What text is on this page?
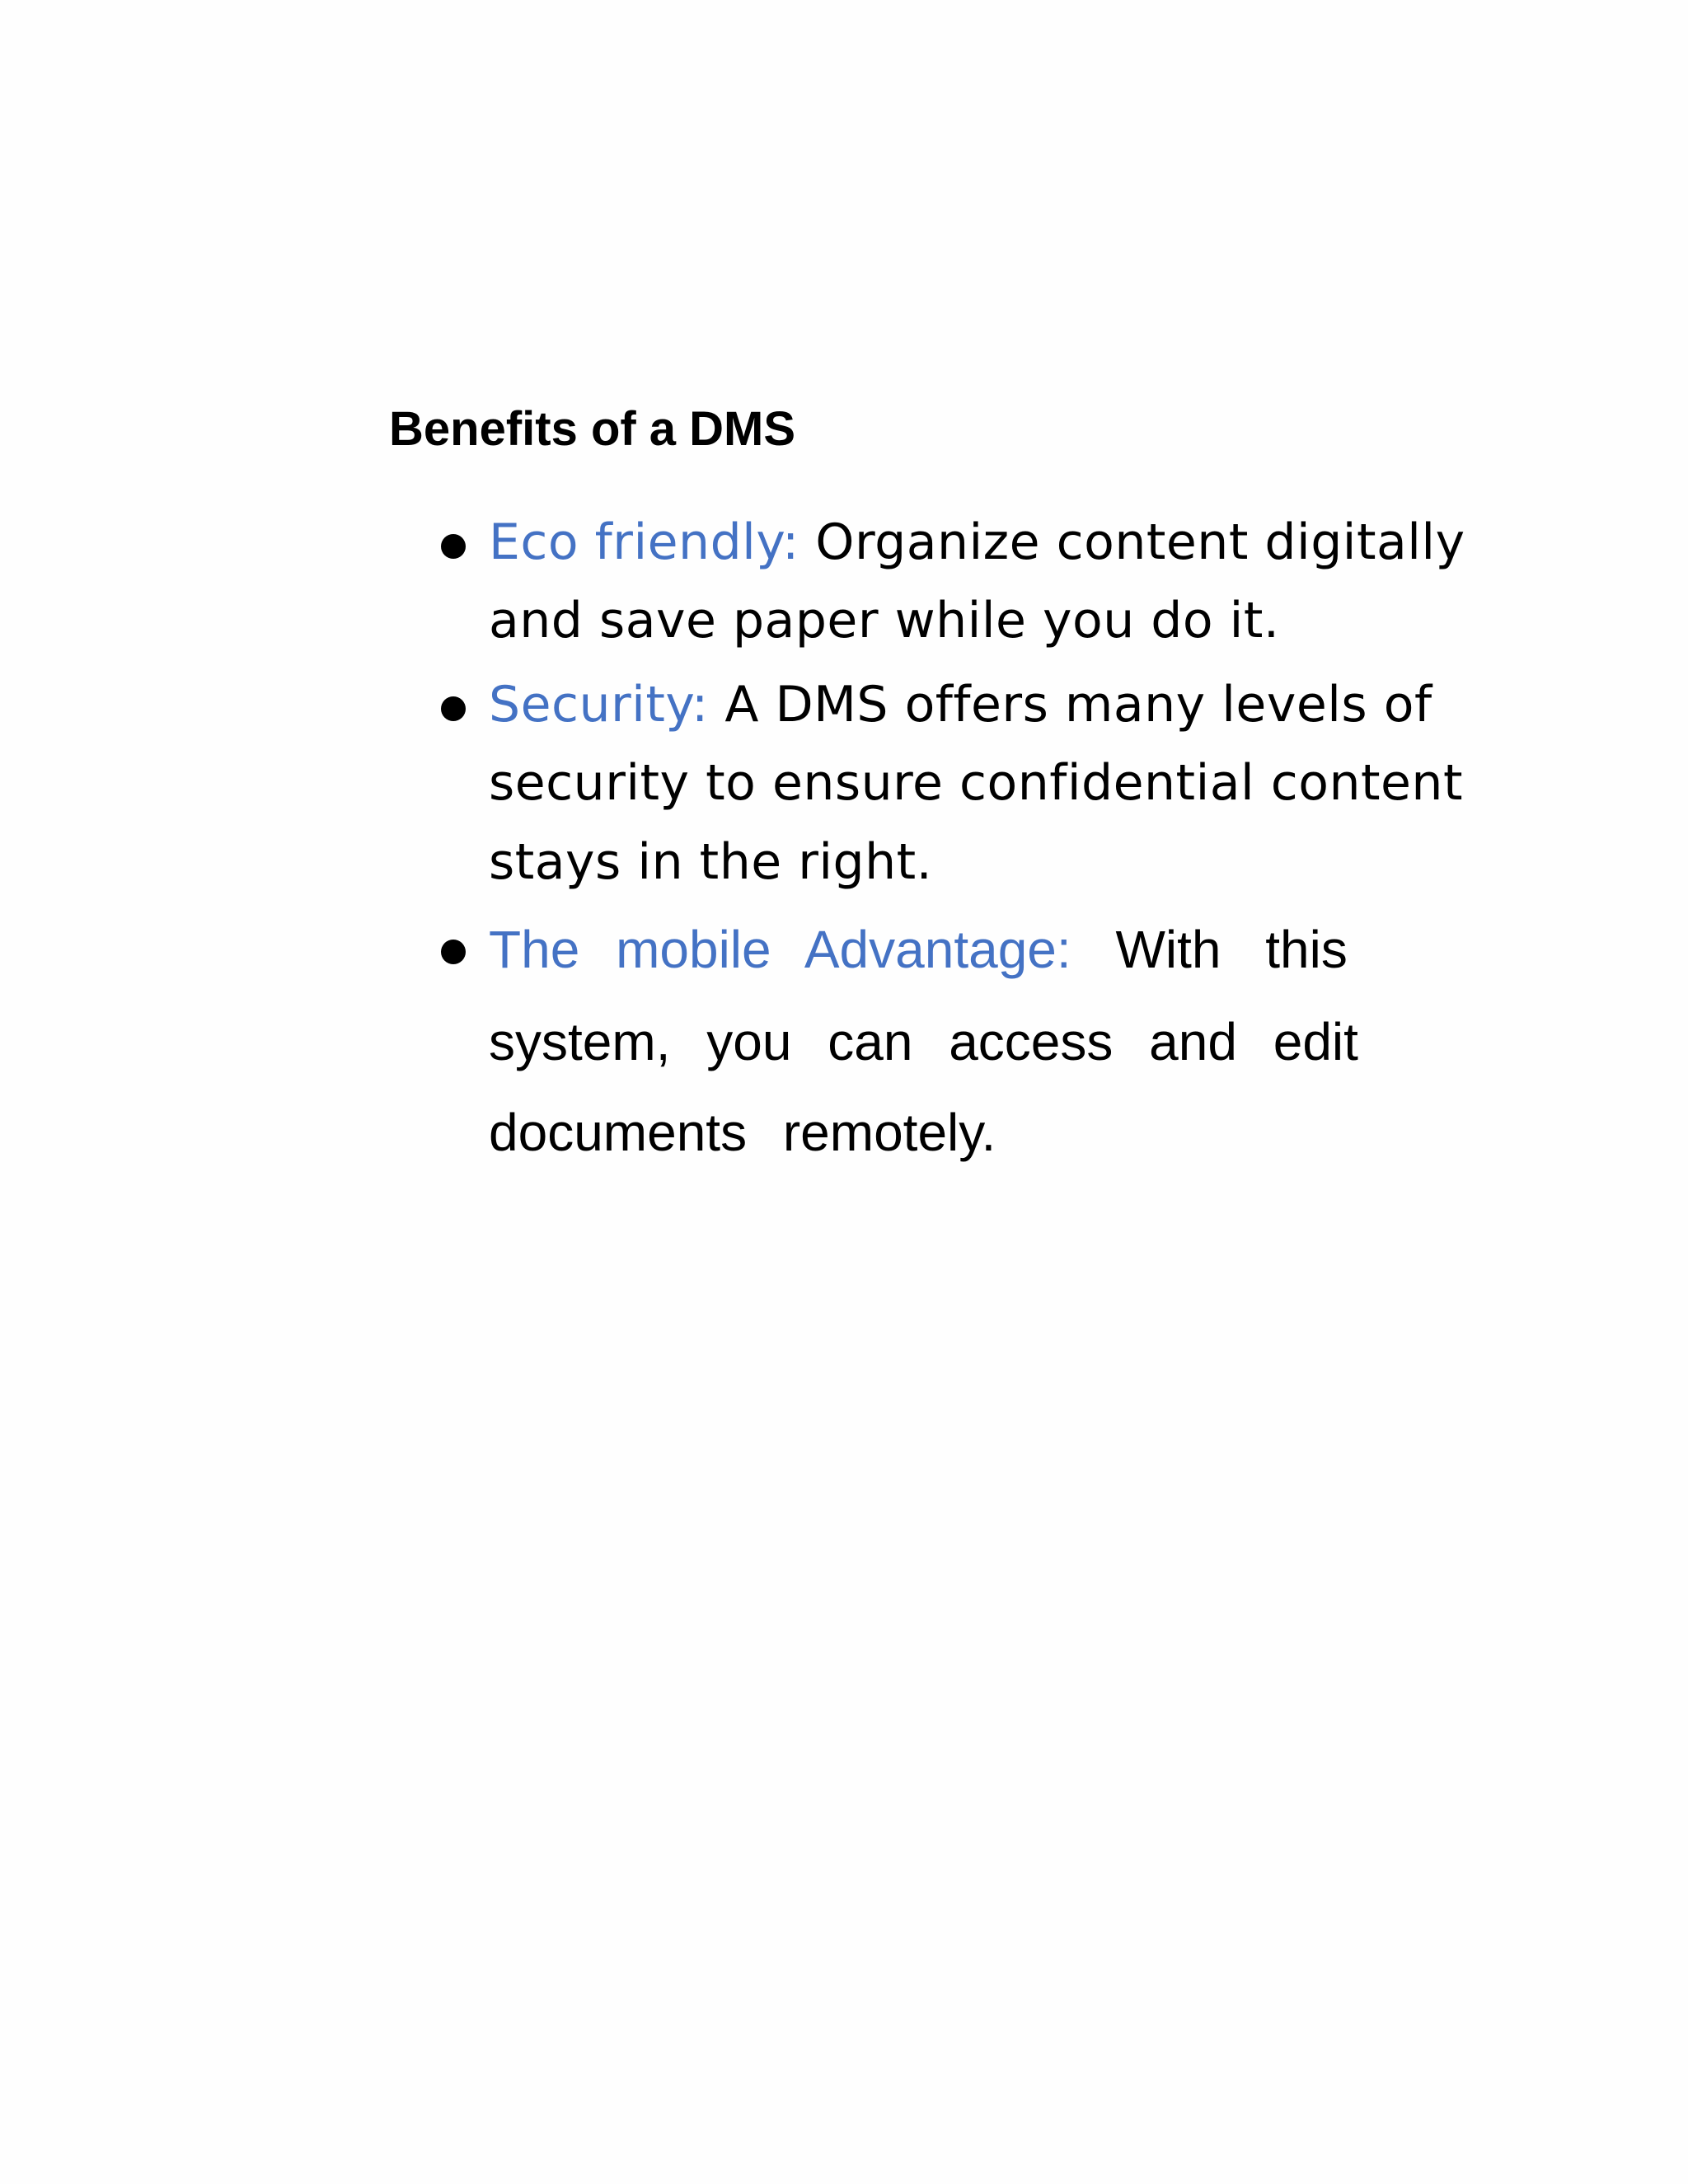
Benefits of a DMS

Eco friendly: Organize content digitally

and save paper while you do it.

Security: A DMS offers many levels of

security to ensure confidential content

stays in the right.

The mobile Advantage: With this

system, you can access and edit

documents remotely.
